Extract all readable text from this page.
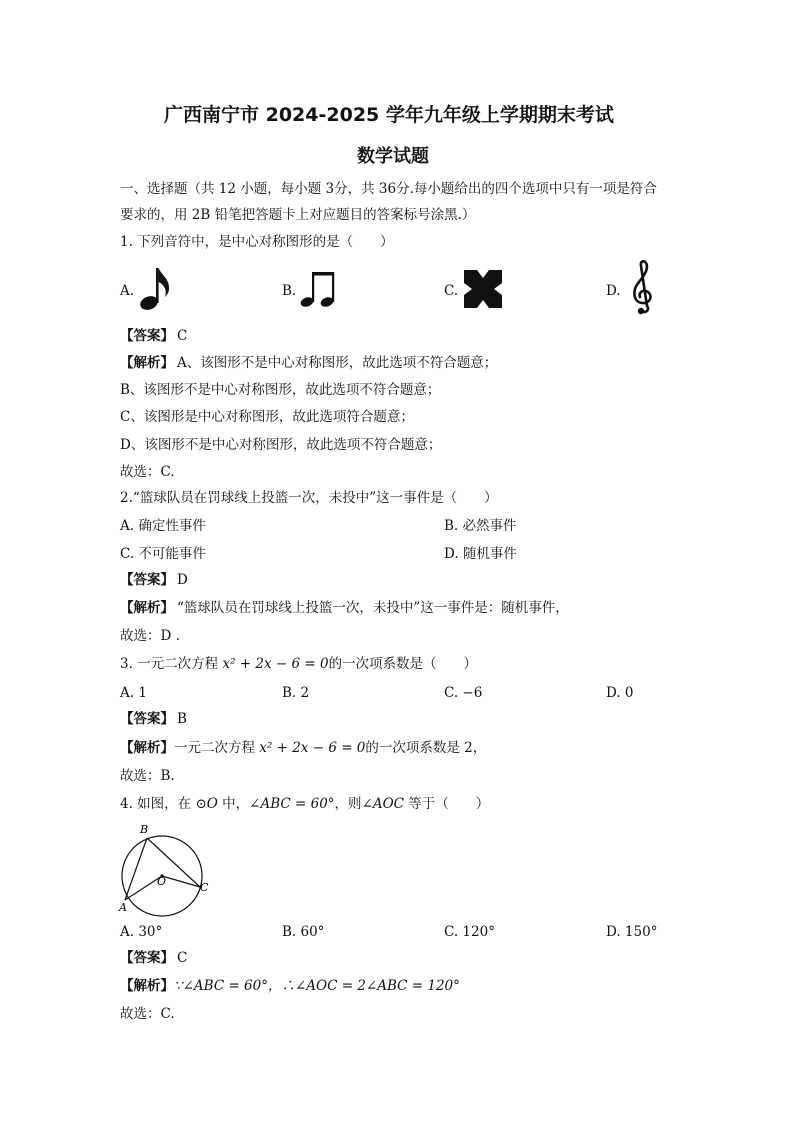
广西南宁市 2024-2025 学年九年级上学期期末考试
数学试题
一、选择题（共 12 小题，每小题 3分，共 36分.每小题给出的四个选项中只有一项是符合
要求的，用 2B 铅笔把答题卡上对应题目的答案标号涂黑.）
1. 下列音符中，是中心对称图形的是（　　）
A.	B.	C.	D.
【答案】 C
【解析】 A、该图形不是中心对称图形，故此选项不符合题意；
B、该图形不是中心对称图形，故此选项不符合题意；
C、该图形是中心对称图形，故此选项符合题意；
D、该图形不是中心对称图形，故此选项不符合题意；
故选：C.
2.“篮球队员在罚球线上投篮一次，未投中”这一事件是（　　）
A. 确定性事件	B. 必然事件
C. 不可能事件	D. 随机事件
【答案】 D
【解析】 “篮球队员在罚球线上投篮一次，未投中”这一事件是：随机事件，
故选：D .
3. 一元二次方程 x² + 2x − 6 = 0的一次项系数是（　　）
A. 1	B. 2	C. −6	D. 0
【答案】 B
【解析】一元二次方程 x² + 2x − 6 = 0的一次项系数是 2，
故选：B.
4. 如图，在 ⊙O 中，∠ABC = 60°，则∠AOC 等于（　　）
B
A
C
O
A. 30°	B. 60°	C. 120°	D. 150°
【答案】 C
【解析】∵∠ABC = 60°，∴∠AOC = 2∠ABC = 120°
故选：C.
